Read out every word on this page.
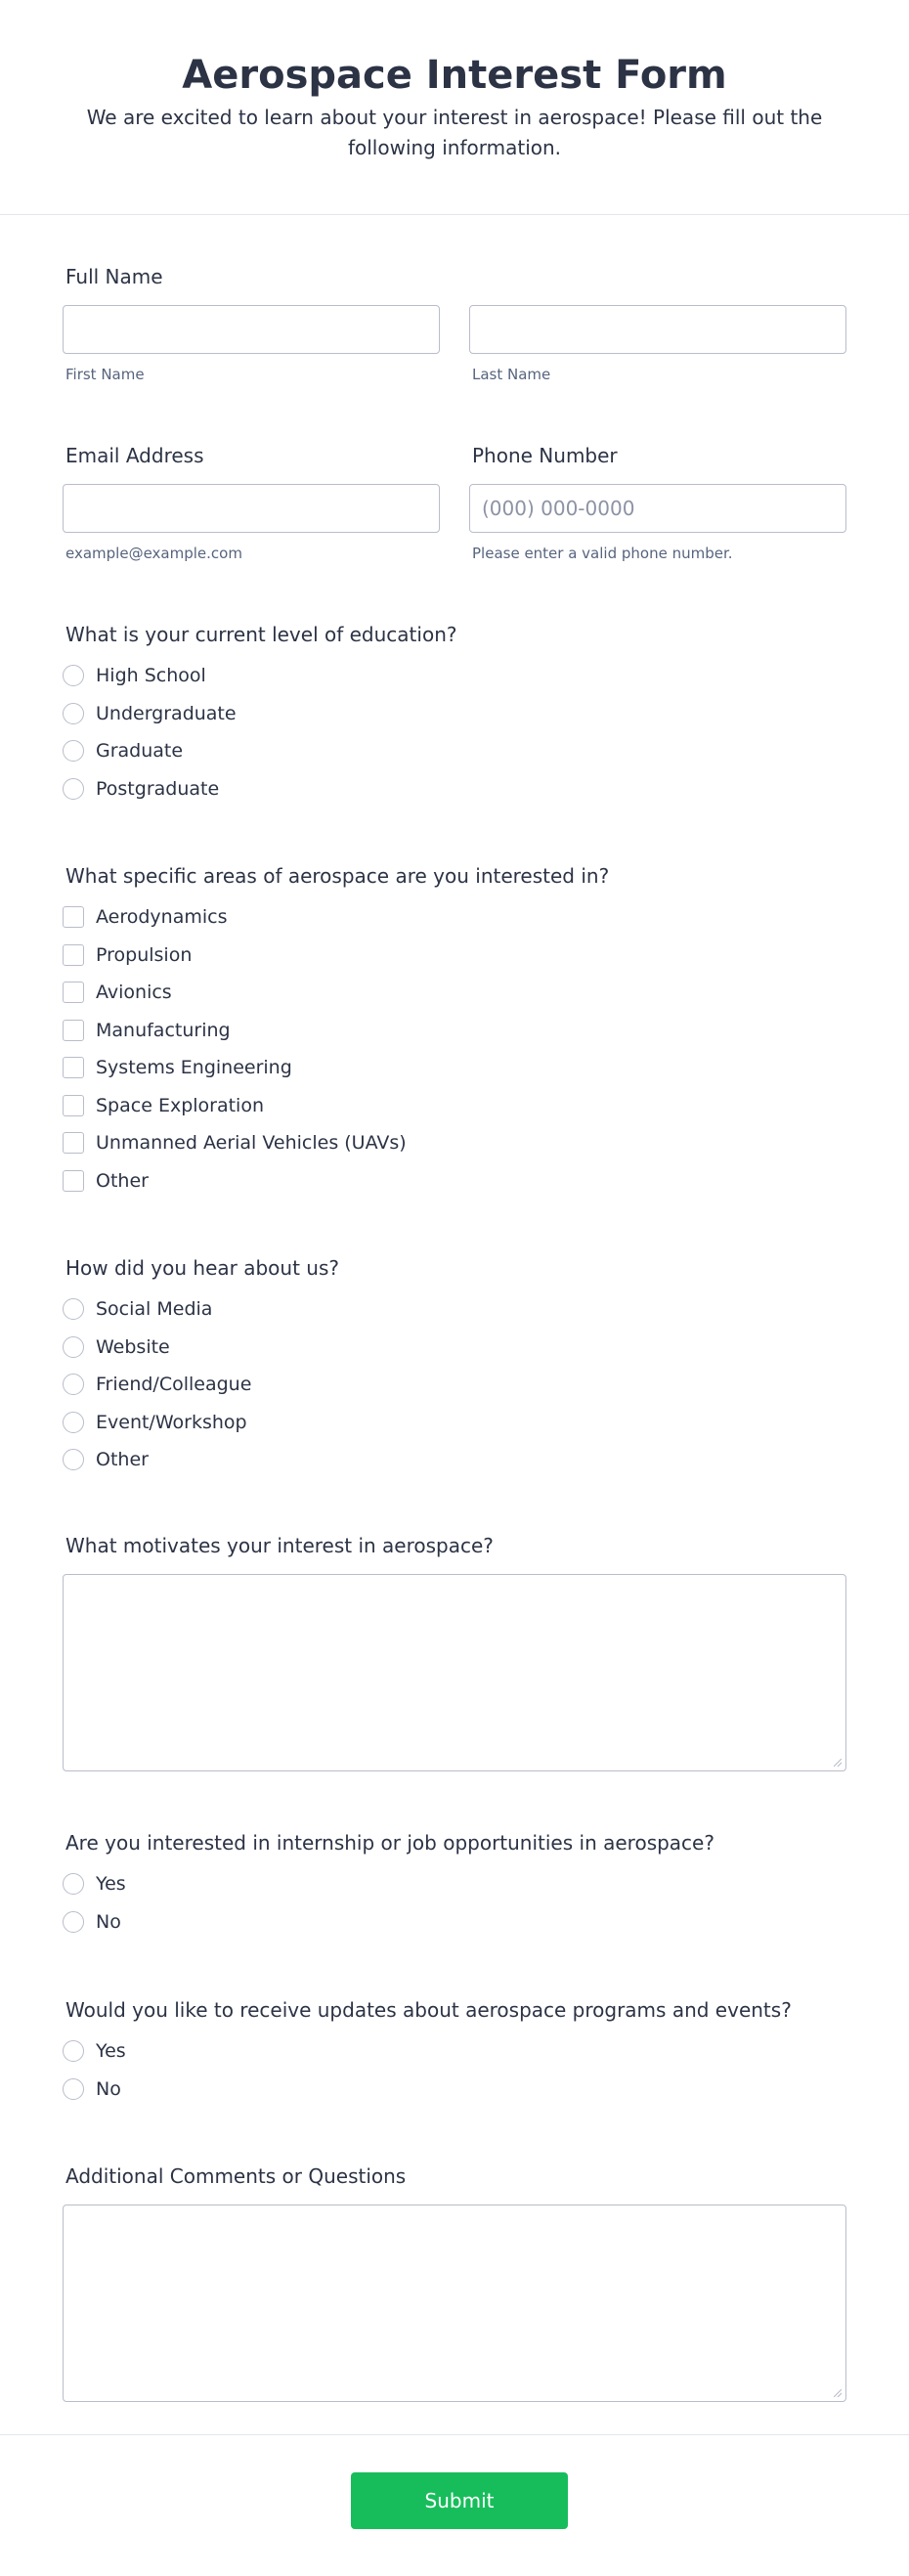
Aerospace Interest Form
We are excited to learn about your interest in aerospace! Please fill out the following information.
Full Name
First Name	Last Name
Email Address
example@example.com
Phone Number
(000) 000-0000
Please enter a valid phone number.
What is your current level of education?
High School
Undergraduate
Graduate
Postgraduate
What specific areas of aerospace are you interested in?
Aerodynamics
Propulsion
Avionics
Manufacturing
Systems Engineering
Space Exploration
Unmanned Aerial Vehicles (UAVs)
Other
How did you hear about us?
Social Media
Website
Friend/Colleague
Event/Workshop
Other
What motivates your interest in aerospace?
Are you interested in internship or job opportunities in aerospace?
Yes
No
Would you like to receive updates about aerospace programs and events?
Yes
No
Additional Comments or Questions
Submit
